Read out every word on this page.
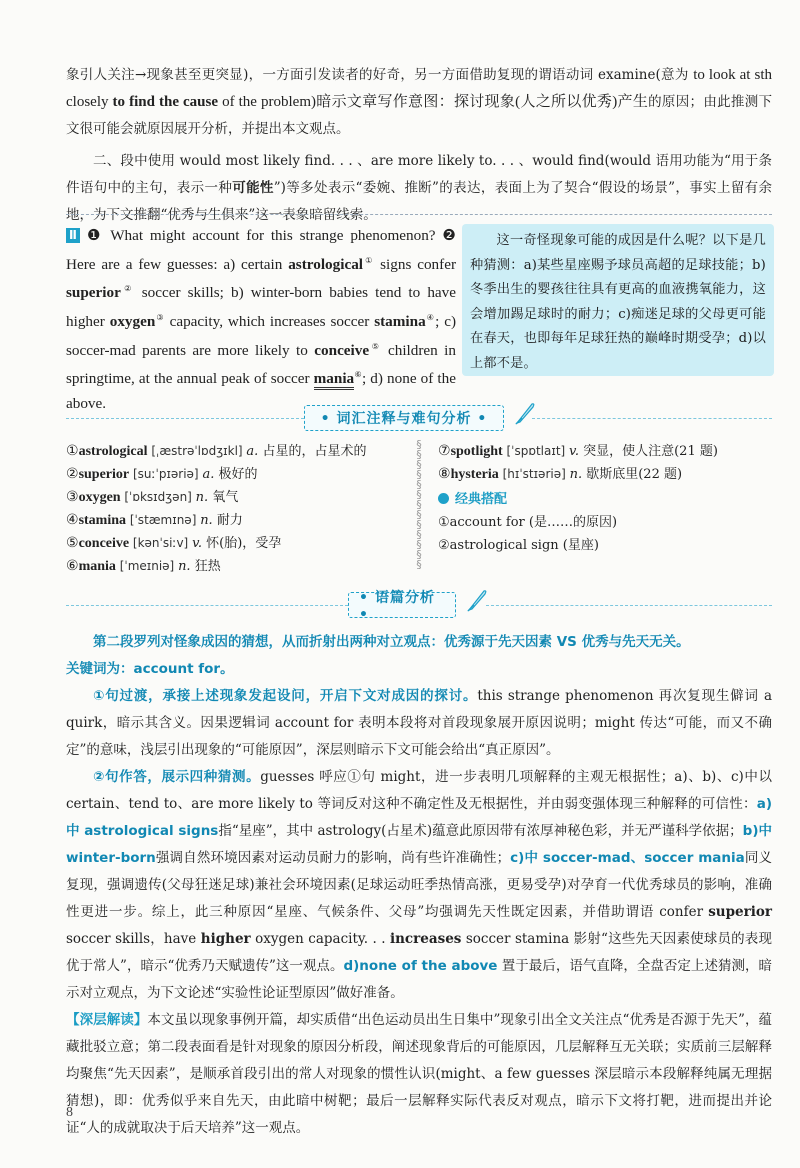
象引人关注→现象甚至更突显)，一方面引发读者的好奇，另一方面借助复现的谓语动词 examine(意为 to look at sth closely to find the cause of the problem)暗示文章写作意图：探讨现象(人之所以优秀)产生的原因；由此推测下文很可能会就原因展开分析，并提出本文观点。
二、段中使用 would most likely find. . . 、are more likely to. . . 、would find(would 语用功能为“用于条件语句中的主句，表示一种可能性”)等多处表示“委婉、推断”的表达，表面上为了契合“假设的场景”，事实上留有余地，为下文推翻“优秀与生俱来”这一表象暗留线索。
Ⅱ ❶ What might account for this strange phenomenon? ❷ Here are a few guesses: a) certain astrological① signs confer superior② soccer skills; b) winter-born babies tend to have higher oxygen③ capacity, which increases soccer stamina④; c) soccer-mad parents are more likely to conceive⑤ children in springtime, at the annual peak of soccer mania⑥; d) none of the above.
这一奇怪现象可能的成因是什么呢？以下是几种猜测：a)某些星座赐予球员高超的足球技能；b)冬季出生的婴孩往往具有更高的血液携氧能力，这会增加踢足球时的耐力；c)痴迷足球的父母更可能在春天，也即每年足球狂热的巅峰时期受孕；d)以上都不是。
• 词汇注释与难句分析 •
①astrological [ˌæstrəˈlɒdʒɪkl] a. 占星的，占星术的
②superior [suːˈpɪəriə] a. 极好的
③oxygen [ˈɒksɪdʒən] n. 氧气
④stamina [ˈstæmɪnə] n. 耐力
⑤conceive [kənˈsiːv] v. 怀(胎)，受孕
⑥mania [ˈmeɪniə] n. 狂热
§
§
§
§
§
§
§
§
§
§
§
§
§
⑦spotlight [ˈspɒtlaɪt] v. 突显，使人注意(21 题)
⑧hysteria [hɪˈstɪəriə] n. 歇斯底里(22 题)
经典搭配
①account for (是……的原因)
②astrological sign (星座)
• 语篇分析 •
第二段罗列对怪象成因的猜想，从而折射出两种对立观点：优秀源于先天因素 VS 优秀与先天无关。
关键词为：account for。
①句过渡，承接上述现象发起设问，开启下文对成因的探讨。this strange phenomenon 再次复现生僻词 a quirk，暗示其含义。因果逻辑词 account for 表明本段将对首段现象展开原因说明；might 传达“可能，而又不确定”的意味，浅层引出现象的“可能原因”，深层则暗示下文可能会给出“真正原因”。
②句作答，展示四种猜测。guesses 呼应①句 might，进一步表明几项解释的主观无根据性；a)、b)、c)中以 certain、tend to、are more likely to 等词反对这种不确定性及无根据性，并由弱变强体现三种解释的可信性：a)中 astrological signs指“星座”，其中 astrology(占星术)蕴意此原因带有浓厚神秘色彩，并无严谨科学依据；b)中 winter-born强调自然环境因素对运动员耐力的影响，尚有些许准确性；c)中 soccer-mad、soccer mania同义复现，强调遗传(父母狂迷足球)兼社会环境因素(足球运动旺季热情高涨，更易受孕)对孕育一代优秀球员的影响，准确性更进一步。综上，此三种原因“星座、气候条件、父母”均强调先天性既定因素，并借助谓语 confer superior soccer skills，have higher oxygen capacity. . . increases soccer stamina 影射“这些先天因素使球员的表现优于常人”，暗示“优秀乃天赋遗传”这一观点。d)none of the above 置于最后，语气直降，全盘否定上述猜测，暗示对立观点，为下文论述“实验性论证型原因”做好准备。
【深层解读】本文虽以现象事例开篇，却实质借“出色运动员出生日集中”现象引出全文关注点“优秀是否源于先天”，蕴藏批驳立意；第二段表面看是针对现象的原因分析段，阐述现象背后的可能原因，几层解释互无关联；实质前三层解释均聚焦“先天因素”，是顺承首段引出的常人对现象的惯性认识(might、a few guesses 深层暗示本段解释纯属无理据猜想)，即：优秀似乎来自先天，由此暗中树靶；最后一层解释实际代表反对观点，暗示下文将打靶，进而提出并论证“人的成就取决于后天培养”这一观点。
8
